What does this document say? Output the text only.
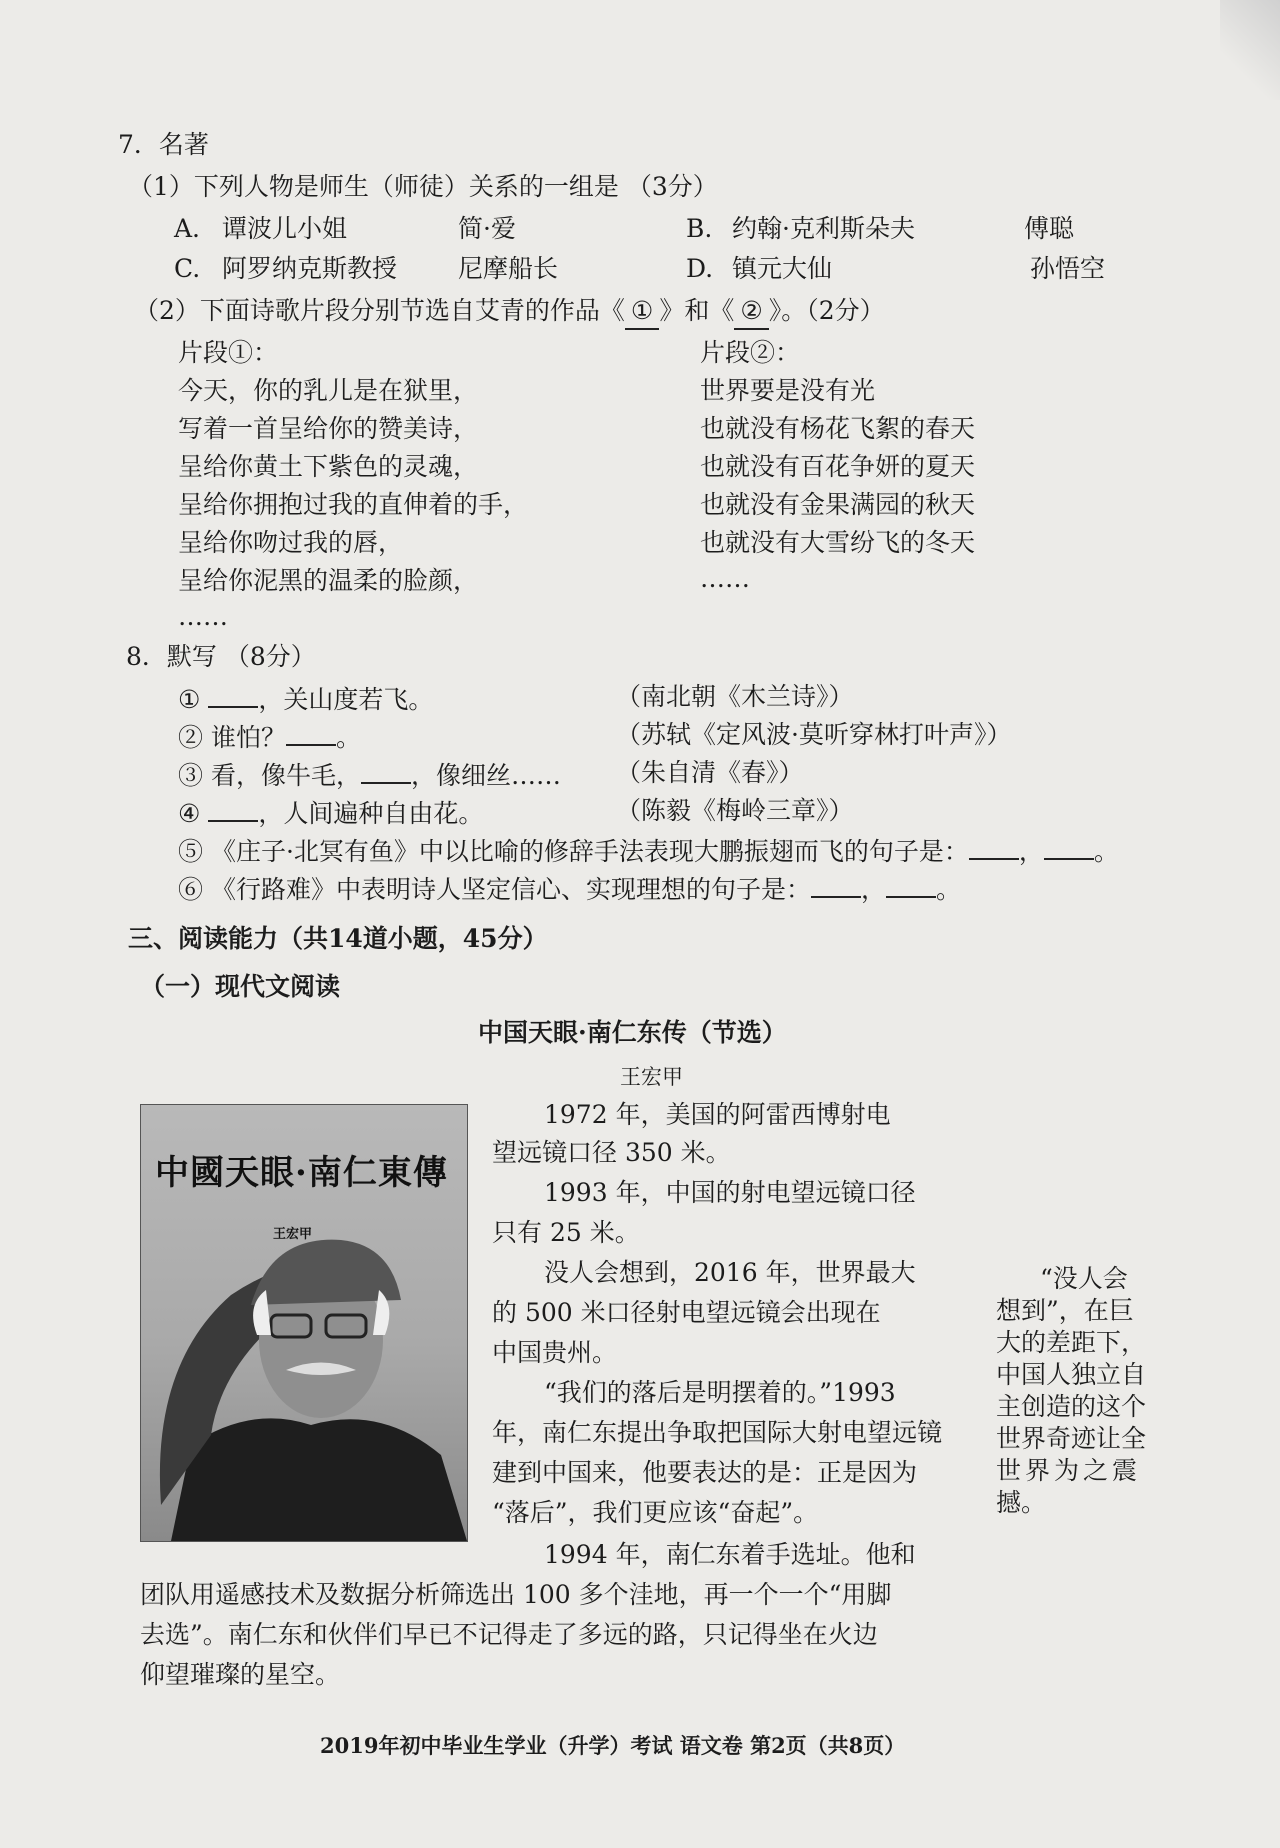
7．名著
（1）下列人物是师生（师徒）关系的一组是 （3分）
A. 谭波儿小姐	简·爱	B. 约翰·克利斯朵夫	傅聪
C. 阿罗纳克斯教授 尼摩船长	D. 镇元大仙	孙悟空
（2）下面诗歌片段分别节选自艾青的作品《 ① 》和《 ② 》。（2分）
片段①：	片段②：
今天，你的乳儿是在狱里，
写着一首呈给你的赞美诗，
呈给你黄土下紫色的灵魂，
呈给你拥抱过我的直伸着的手，
呈给你吻过我的唇，
呈给你泥黑的温柔的脸颜，
……
世界要是没有光
也就没有杨花飞絮的春天
也就没有百花争妍的夏天
也就没有金果满园的秋天
也就没有大雪纷飞的冬天
……
8．默写 （8分）
① ，关山度若飞。	（南北朝《木兰诗》）
② 谁怕？ 。	（苏轼《定风波·莫听穿林打叶声》）
③ 看，像牛毛， ，像细丝…… （朱自清《春》）
④ ，人间遍种自由花。	（陈毅《梅岭三章》）
⑤ 《庄子·北冥有鱼》中以比喻的修辞手法表现大鹏振翅而飞的句子是： ， 。
⑥ 《行路难》中表明诗人坚定信心、实现理想的句子是： ， 。
三、阅读能力（共14道小题，45分）
（一）现代文阅读
中国天眼·南仁东传（节选）
王宏甲
中國天眼·南仁東傳
王宏甲
1972 年，美国的阿雷西博射电
望远镜口径 350 米。
1993 年，中国的射电望远镜口径
只有 25 米。
没人会想到，2016 年，世界最大
的 500 米口径射电望远镜会出现在
中国贵州。
“我们的落后是明摆着的。”1993
年，南仁东提出争取把国际大射电望远镜
建到中国来，他要表达的是：正是因为
“落后”，我们更应该“奋起”。
1994 年，南仁东着手选址。他和
团队用遥感技术及数据分析筛选出 100 多个洼地，再一个一个“用脚
去选”。南仁东和伙伴们早已不记得走了多远的路，只记得坐在火边
仰望璀璨的星空。
“没人会
想到”，在巨
大的差距下，
中国人独立自
主创造的这个
世界奇迹让全
世界为之震
撼。
2019年初中毕业生学业（升学）考试 语文卷 第2页（共8页）
